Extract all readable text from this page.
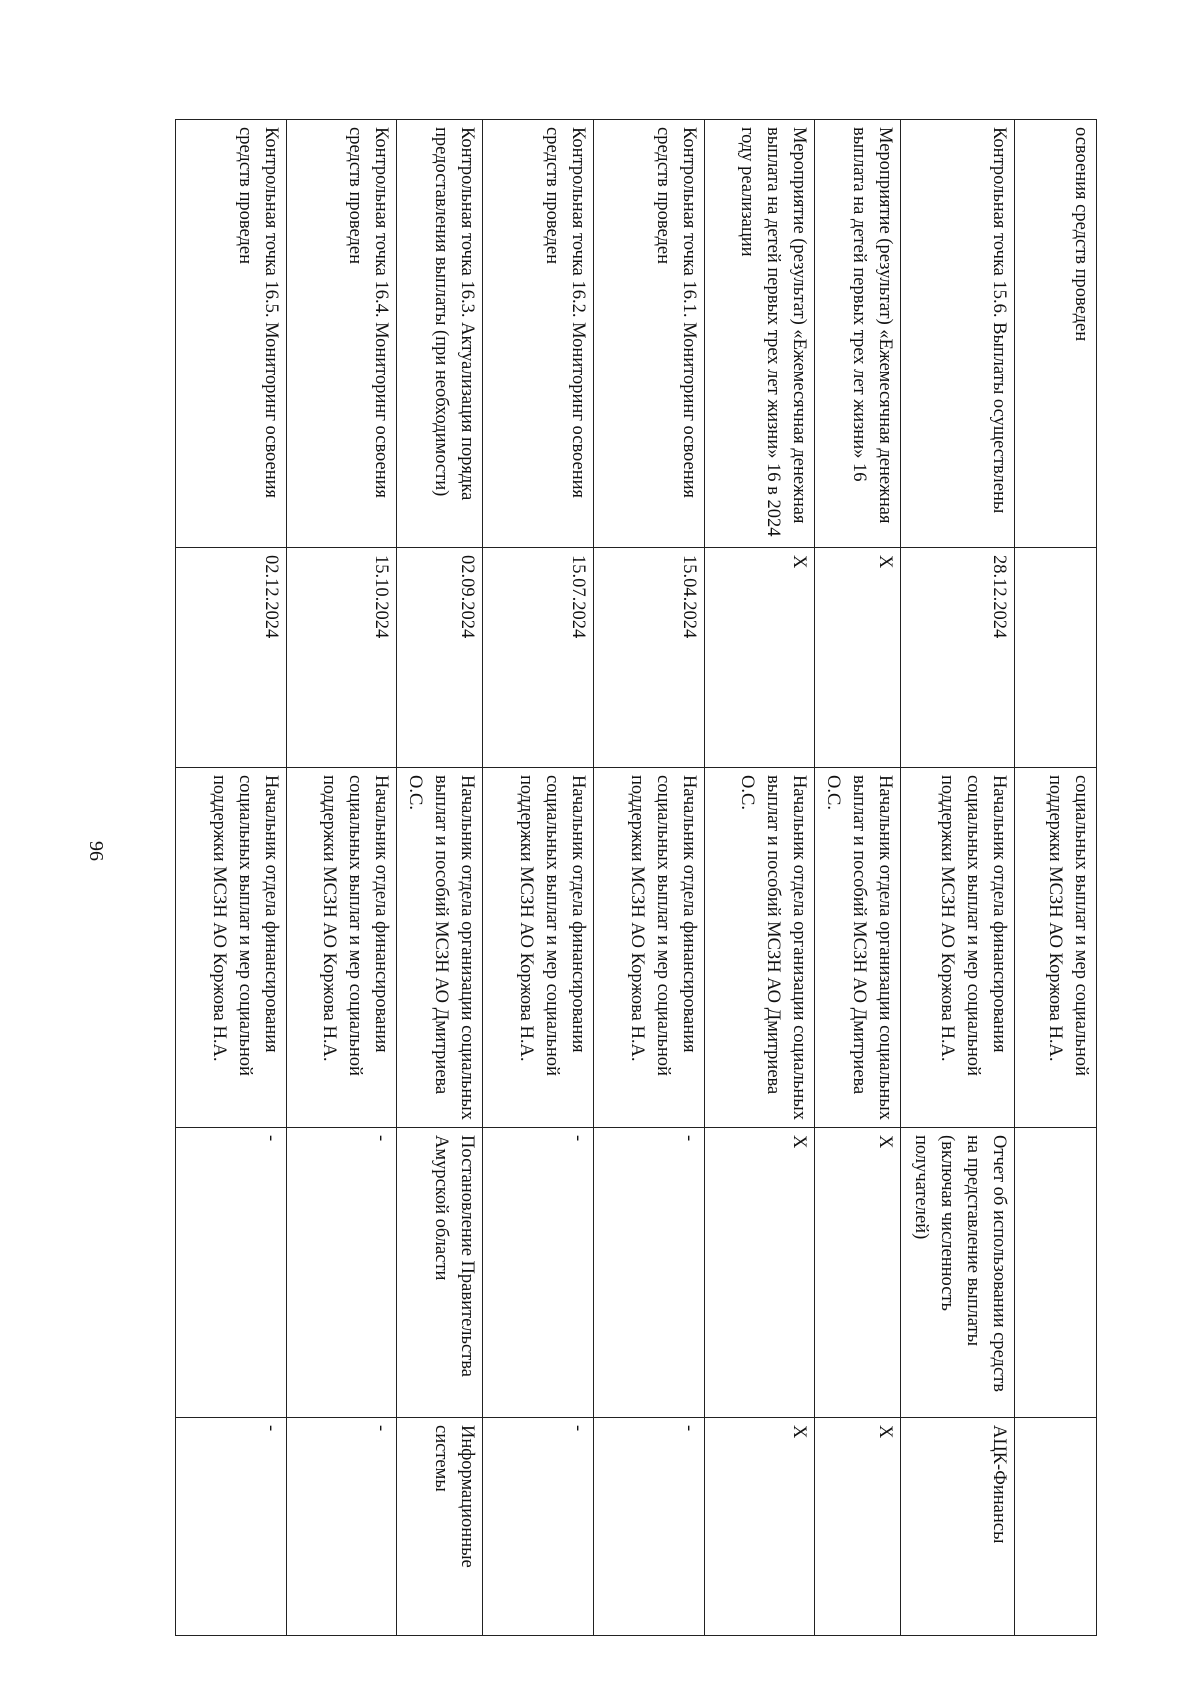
96
освоения средств проведен		социальных выплат и мер социальной поддержки МСЗН АО Коржова Н.А.		
Контрольная точка 15.6. Выплаты осуществлены	28.12.2024	Начальник отдела финансирования социальных выплат и мер социальной поддержки МСЗН АО Коржова Н.А.	Отчет об использовании средств на представление выплаты (включая численность получателей)	АЦК-Финансы
Мероприятие (результат) «Ежемесячная денежная выплата на детей первых трех лет жизни» 16	X	Начальник отдела организации социальных выплат и пособий МСЗН АО Дмитриева О.С.	X	X
Мероприятие (результат) «Ежемесячная денежная выплата на детей первых трех лет жизни» 16 в 2024 году реализации	X	Начальник отдела организации социальных выплат и пособий МСЗН АО Дмитриева О.С.	X	X
Контрольная точка 16.1. Мониторинг освоения средств проведен	15.04.2024	Начальник отдела финансирования социальных выплат и мер социальной поддержки МСЗН АО Коржова Н.А.	-	-
Контрольная точка 16.2. Мониторинг освоения средств проведен	15.07.2024	Начальник отдела финансирования социальных выплат и мер социальной поддержки МСЗН АО Коржова Н.А.	-	-
Контрольная точка 16.3. Актуализация порядка предоставления выплаты (при необходимости)	02.09.2024	Начальник отдела организации социальных выплат и пособий МСЗН АО Дмитриева О.С.	Постановление Правительства Амурской области	Информационные системы
Контрольная точка 16.4. Мониторинг освоения средств проведен	15.10.2024	Начальник отдела финансирования социальных выплат и мер социальной поддержки МСЗН АО Коржова Н.А.	-	-
Контрольная точка 16.5. Мониторинг освоения средств проведен	02.12.2024	Начальник отдела финансирования социальных выплат и мер социальной поддержки МСЗН АО Коржова Н.А.	-	-
